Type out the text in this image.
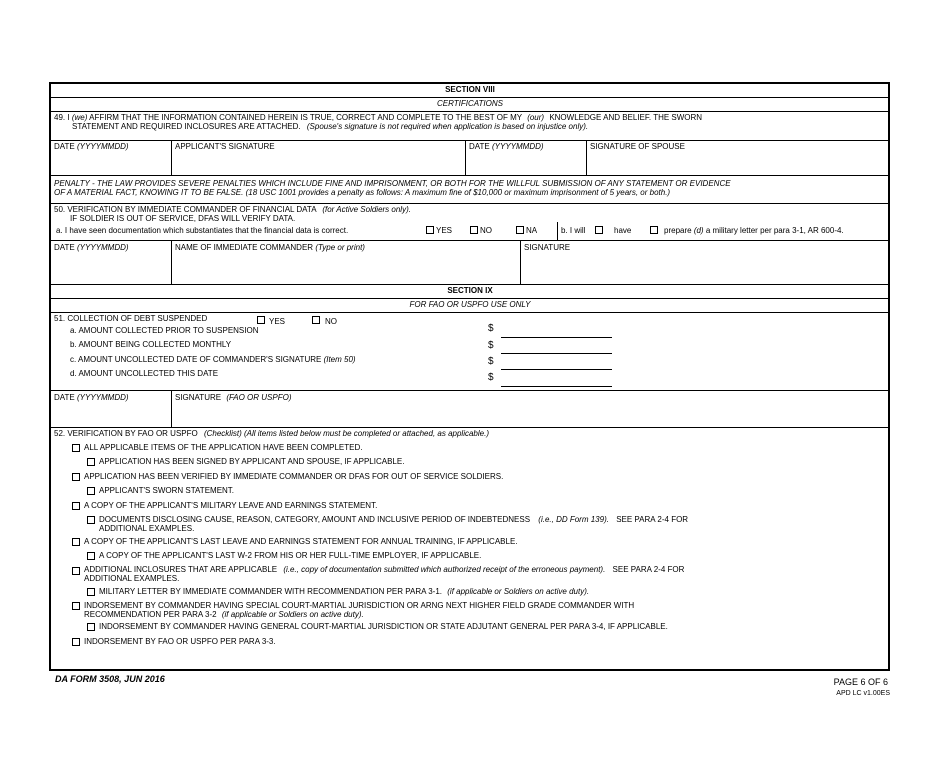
SECTION VIII
CERTIFICATIONS
49. I (we) AFFIRM THAT THE INFORMATION CONTAINED HEREIN IS TRUE, CORRECT AND COMPLETE TO THE BEST OF MY (our) KNOWLEDGE AND BELIEF. THE SWORN
STATEMENT AND REQUIRED INCLOSURES ARE ATTACHED. (Spouse's signature is not required when application is based on injustice only).
DATE (YYYYMMDD)	APPLICANT'S SIGNATURE	DATE (YYYYMMDD)	SIGNATURE OF SPOUSE
PENALTY - THE LAW PROVIDES SEVERE PENALTIES WHICH INCLUDE FINE AND IMPRISONMENT, OR BOTH FOR THE WILLFUL SUBMISSION OF ANY STATEMENT OR EVIDENCE
OF A MATERIAL FACT, KNOWING IT TO BE FALSE. (18 USC 1001 provides a penalty as follows: A maximum fine of $10,000 or maximum imprisonment of 5 years, or both.)
50. VERIFICATION BY IMMEDIATE COMMANDER OF FINANCIAL DATA (for Active Soldiers only).
IF SOLDIER IS OUT OF SERVICE, DFAS WILL VERIFY DATA.
a. I have seen documentation which substantiates that the financial data is correct.	YES	NO	NA	b. I will	have	prepare (d) a military letter per para 3-1, AR 600-4.
DATE (YYYYMMDD)	NAME OF IMMEDIATE COMMANDER (Type or print)	SIGNATURE
SECTION IX
FOR FAO OR USPFO USE ONLY
51. COLLECTION OF DEBT SUSPENDED	YES	NO
a. AMOUNT COLLECTED PRIOR TO SUSPENSION	$
b. AMOUNT BEING COLLECTED MONTHLY	$
c. AMOUNT UNCOLLECTED DATE OF COMMANDER'S SIGNATURE (Item 50)	$
d. AMOUNT UNCOLLECTED THIS DATE	$
DATE (YYYYMMDD)	SIGNATURE (FAO OR USPFO)
52. VERIFICATION BY FAO OR USPFO (Checklist) (All items listed below must be completed or attached, as applicable.)
ALL APPLICABLE ITEMS OF THE APPLICATION HAVE BEEN COMPLETED.
APPLICATION HAS BEEN SIGNED BY APPLICANT AND SPOUSE, IF APPLICABLE.
APPLICATION HAS BEEN VERIFIED BY IMMEDIATE COMMANDER OR DFAS FOR OUT OF SERVICE SOLDIERS.
APPLICANT'S SWORN STATEMENT.
A COPY OF THE APPLICANT'S MILITARY LEAVE AND EARNINGS STATEMENT.
DOCUMENTS DISCLOSING CAUSE, REASON, CATEGORY, AMOUNT AND INCLUSIVE PERIOD OF INDEBTEDNESS (i.e., DD Form 139). SEE PARA 2-4 FOR
ADDITIONAL EXAMPLES.
A COPY OF THE APPLICANT'S LAST LEAVE AND EARNINGS STATEMENT FOR ANNUAL TRAINING, IF APPLICABLE.
A COPY OF THE APPLICANT'S LAST W-2 FROM HIS OR HER FULL-TIME EMPLOYER, IF APPLICABLE.
ADDITIONAL INCLOSURES THAT ARE APPLICABLE (i.e., copy of documentation submitted which authorized receipt of the erroneous payment). SEE PARA 2-4 FOR
ADDITIONAL EXAMPLES.
MILITARY LETTER BY IMMEDIATE COMMANDER WITH RECOMMENDATION PER PARA 3-1. (if applicable or Soldiers on active duty).
INDORSEMENT BY COMMANDER HAVING SPECIAL COURT-MARTIAL JURISDICTION OR ARNG NEXT HIGHER FIELD GRADE COMMANDER WITH
RECOMMENDATION PER PARA 3-2 (if applicable or Soldiers on active duty).
INDORSEMENT BY COMMANDER HAVING GENERAL COURT-MARTIAL JURISDICTION OR STATE ADJUTANT GENERAL PER PARA 3-4, IF APPLICABLE.
INDORSEMENT BY FAO OR USPFO PER PARA 3-3.
DA FORM 3508, JUN 2016	PAGE 6 OF 6
APD LC v1.00ES
